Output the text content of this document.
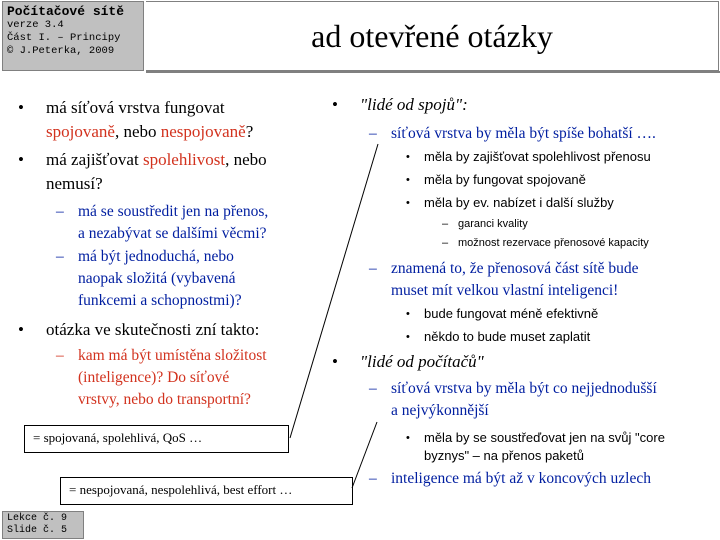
Počítačové sítě
verze 3.4
Část I. – Principy
© J.Peterka, 2009	ad otevřené otázky
• má síťová vrstva fungovat
spojovaně, nebo nespojovaně?
• má zajišťovat spolehlivost, nebo
nemusí?
– má se soustředit jen na přenos,
a nezabývat se dalšími věcmi?
– má být jednoduchá, nebo
naopak složitá (vybavená
funkcemi a schopnostmi)?
• otázka ve skutečnosti zní takto:
– kam má být umístěna složitost
(inteligence)? Do síťové
vrstvy, nebo do transportní?
= spojovaná, spolehlivá, QoS …
= nespojovaná, nespolehlivá, best effort …
• "lidé od spojů":
– síťová vrstva by měla být spíše bohatší ….
• měla by zajišťovat spolehlivost přenosu
• měla by fungovat spojovaně
• měla by ev. nabízet i další služby
– garanci kvality
– možnost rezervace přenosové kapacity
– znamená to, že přenosová část sítě bude
muset mít velkou vlastní inteligenci!
• bude fungovat méně efektivně
• někdo to bude muset zaplatit
• "lidé od počítačů"
– síťová vrstva by měla být co nejjednodušší
a nejvýkonnější
• měla by se soustřeďovat jen na svůj "core
byznys" – na přenos paketů
– inteligence má být až v koncových uzlech
Lekce č. 9
Slide č. 5
